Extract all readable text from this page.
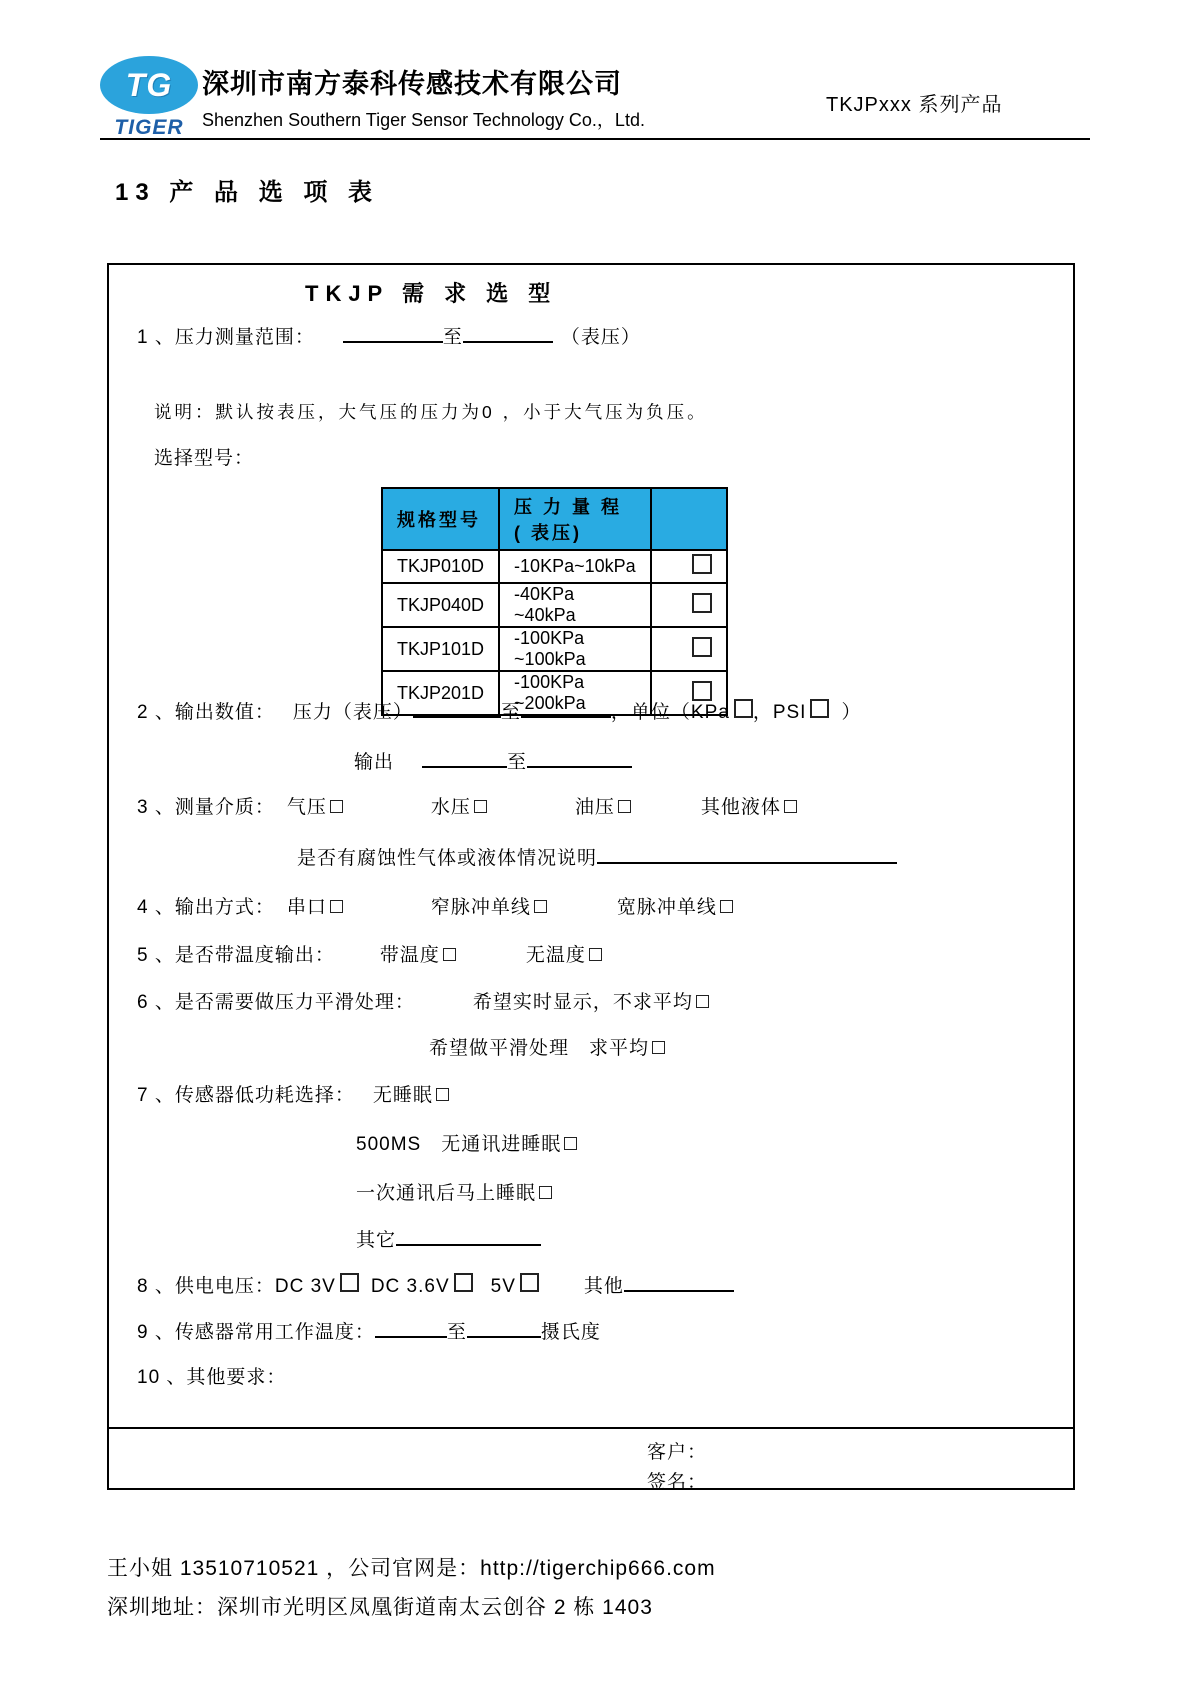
TG
TIGER
深圳市南方泰科传感技术有限公司
Shenzhen Southern Tiger Sensor Technology Co.，Ltd.
TKJPxxx 系列产品
13 产 品 选 项 表
TKJP 需 求 选 型
1 、压力测量范围：	至	（表压）
说明：默认按表压，大气压的压力为0 ，小于大气压为负压。
选择型号：
规格型号	压 力 量 程 ( 表压)	
TKJP010D	-10KPa~10kPa	
TKJP040D	-40KPa ~40kPa	
TKJP101D	-100KPa ~100kPa	
TKJP201D	-100KPa ~200kPa	
2 、输出数值： 压力（表压）	至	，单位（KPa ，PSI ）
输出	至
3 、测量介质： 气压	水压	油压	其他液体
是否有腐蚀性气体或液体情况说明
4 、输出方式： 串口	窄脉冲单线	宽脉冲单线
5 、是否带温度输出： 带温度	无温度
6 、是否需要做压力平滑处理：	希望实时显示，不求平均
希望做平滑处理　求平均
7 、传感器低功耗选择： 无睡眠
500MS　无通讯进睡眠
一次通讯后马上睡眠
其它
8 、供电电压： DC 3V DC 3.6V 5V	其他
9 、传感器常用工作温度：	至	摄氏度
10 、其他要求：
客户：
签名：
王小姐 13510710521 ，公司官网是：http://tigerchip666.com
深圳地址：深圳市光明区凤凰街道南太云创谷 2 栋 1403
